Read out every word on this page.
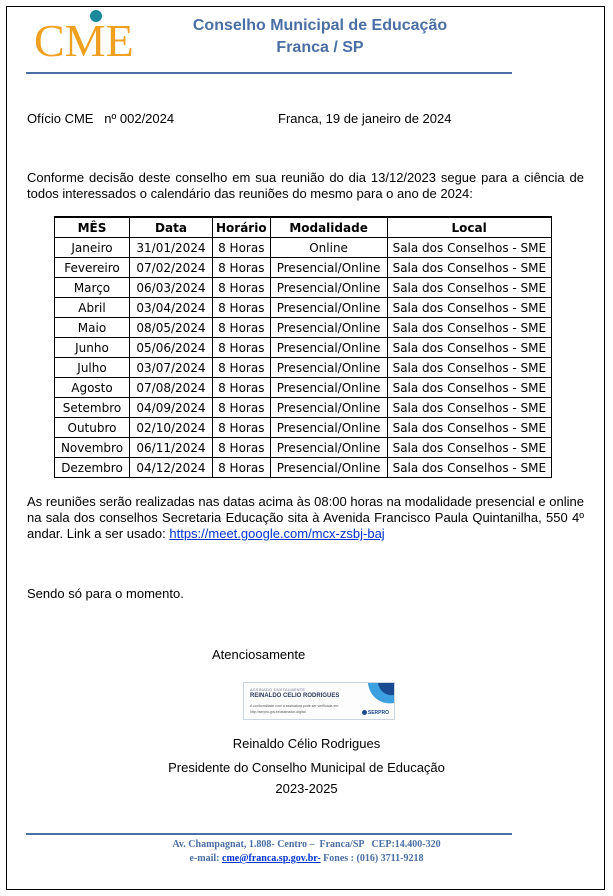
CME	Conselho Municipal de Educação
Franca / SP
Ofício CME   nº 002/2024	Franca, 19 de janeiro de 2024
Conforme decisão deste conselho em sua reunião do dia 13/12/2023 segue para a ciência de todos interessados o calendário das reuniões do mesmo para o ano de 2024:
MÊS	Data	Horário	Modalidade	Local
Janeiro	31/01/2024	8 Horas	Online	Sala dos Conselhos - SME
Fevereiro	07/02/2024	8 Horas	Presencial/Online	Sala dos Conselhos - SME
Março	06/03/2024	8 Horas	Presencial/Online	Sala dos Conselhos - SME
Abril	03/04/2024	8 Horas	Presencial/Online	Sala dos Conselhos - SME
Maio	08/05/2024	8 Horas	Presencial/Online	Sala dos Conselhos - SME
Junho	05/06/2024	8 Horas	Presencial/Online	Sala dos Conselhos - SME
Julho	03/07/2024	8 Horas	Presencial/Online	Sala dos Conselhos - SME
Agosto	07/08/2024	8 Horas	Presencial/Online	Sala dos Conselhos - SME
Setembro	04/09/2024	8 Horas	Presencial/Online	Sala dos Conselhos - SME
Outubro	02/10/2024	8 Horas	Presencial/Online	Sala dos Conselhos - SME
Novembro	06/11/2024	8 Horas	Presencial/Online	Sala dos Conselhos - SME
Dezembro	04/12/2024	8 Horas	Presencial/Online	Sala dos Conselhos - SME
As reuniões serão realizadas nas datas acima às 08:00 horas na modalidade presencial e online na sala dos conselhos Secretaria Educação sita à Avenida Francisco Paula Quintanilha, 550 4º andar. Link a ser usado: https://meet.google.com/mcx-zsbj-baj
Sendo só para o momento.
Atenciosamente
ASSINADO DIGITALMENTE
REINALDO CELIO RODRIGUES
A conformidade com a assinatura pode ser verificada em:
http://serpro.gov.br/assinador-digital	SERPRO
Reinaldo Célio Rodrigues
Presidente do Conselho Municipal de Educação
2023-2025
Av. Champagnat, 1.808- Centro –  Franca/SP   CEP:14.400-320
e-mail: cme@franca.sp.gov.br- Fones : (016) 3711-9218
